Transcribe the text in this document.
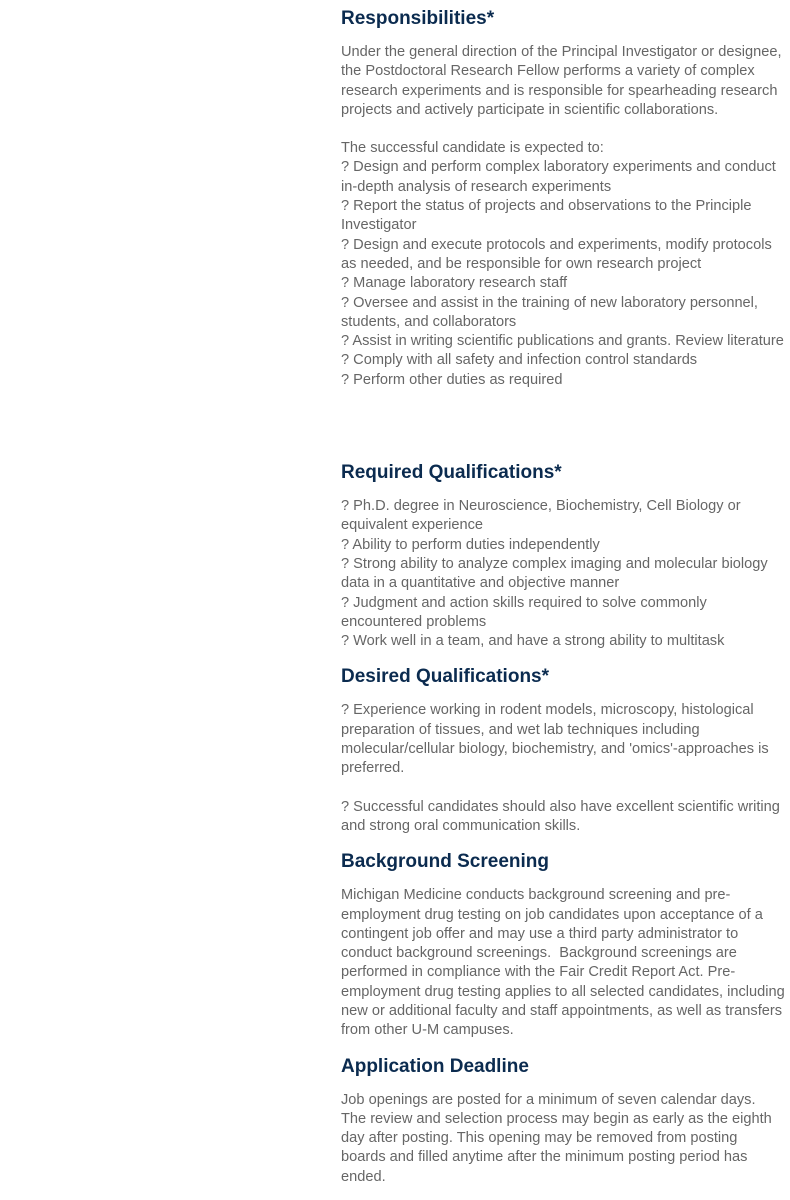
Responsibilities*

Under the general direction of the Principal Investigator or designee,
the Postdoctoral Research Fellow performs a variety of complex
research experiments and is responsible for spearheading research
projects and actively participate in scientific collaborations.

The successful candidate is expected to:
? Design and perform complex laboratory experiments and conduct
in-depth analysis of research experiments
? Report the status of projects and observations to the Principle
Investigator
? Design and execute protocols and experiments, modify protocols
as needed, and be responsible for own research project
? Manage laboratory research staff
? Oversee and assist in the training of new laboratory personnel,
students, and collaborators
? Assist in writing scientific publications and grants. Review literature
? Comply with all safety and infection control standards
? Perform other duties as required

Required Qualifications*

? Ph.D. degree in Neuroscience, Biochemistry, Cell Biology or
equivalent experience
? Ability to perform duties independently
? Strong ability to analyze complex imaging and molecular biology
data in a quantitative and objective manner
? Judgment and action skills required to solve commonly
encountered problems
? Work well in a team, and have a strong ability to multitask

Desired Qualifications*

? Experience working in rodent models, microscopy, histological
preparation of tissues, and wet lab techniques including
molecular/cellular biology, biochemistry, and 'omics'-approaches is
preferred.

? Successful candidates should also have excellent scientific writing
and strong oral communication skills.

Background Screening

Michigan Medicine conducts background screening and pre-
employment drug testing on job candidates upon acceptance of a
contingent job offer and may use a third party administrator to
conduct background screenings.  Background screenings are
performed in compliance with the Fair Credit Report Act. Pre-
employment drug testing applies to all selected candidates, including
new or additional faculty and staff appointments, as well as transfers
from other U-M campuses.

Application Deadline

Job openings are posted for a minimum of seven calendar days.
The review and selection process may begin as early as the eighth
day after posting. This opening may be removed from posting
boards and filled anytime after the minimum posting period has
ended.
